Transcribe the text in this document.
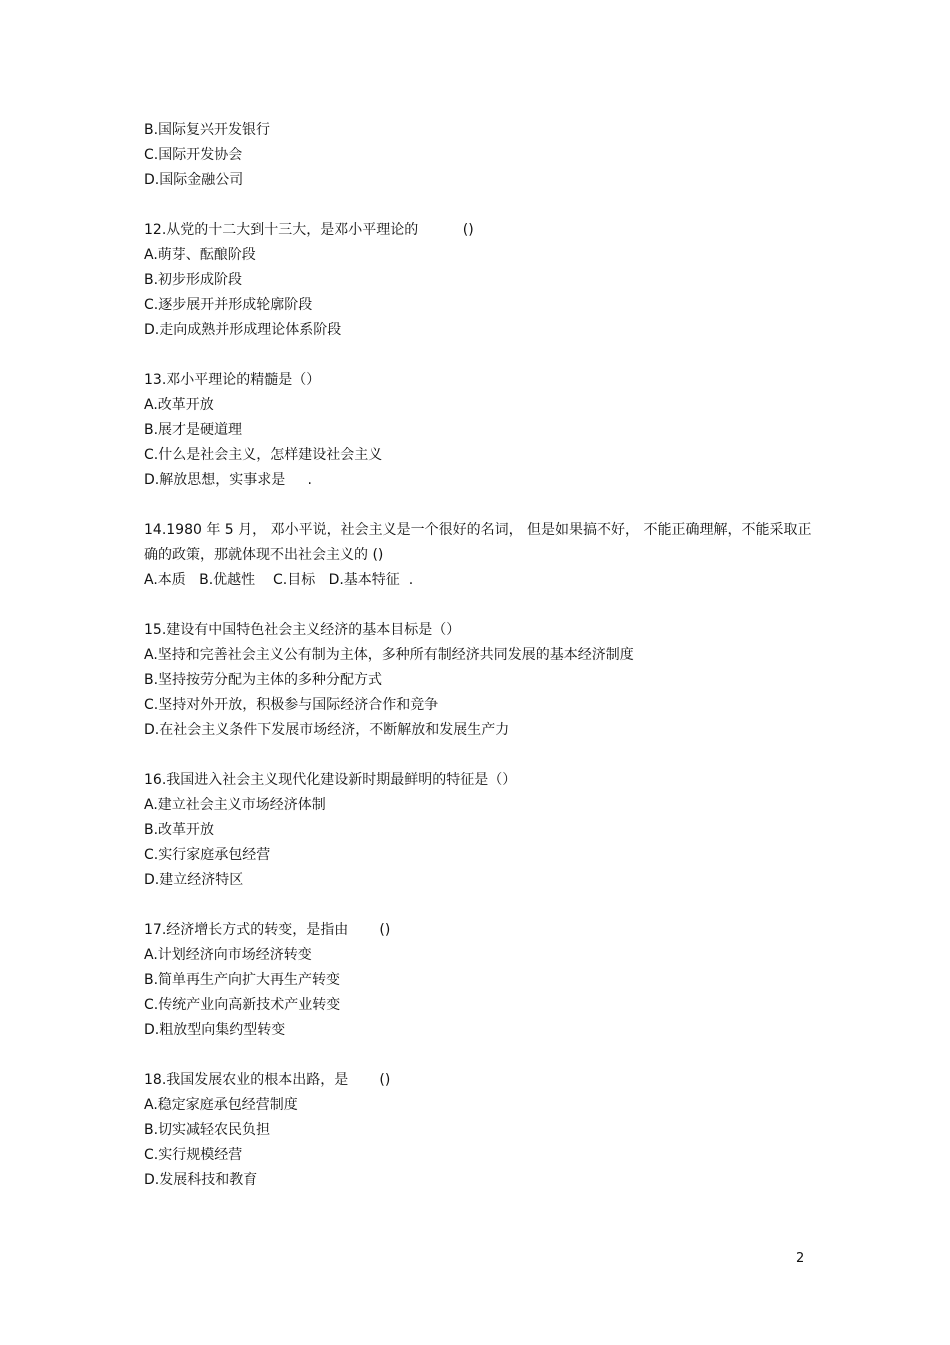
B.国际复兴开发银行
C.国际开发协会
D.国际金融公司
12.从党的十二大到十三大，是邓小平理论的          ()
A.萌芽、酝酿阶段
B.初步形成阶段
C.逐步展开并形成轮廓阶段
D.走向成熟并形成理论体系阶段
13.邓小平理论的精髓是（）
A.改革开放
B.展才是硬道理
C.什么是社会主义，怎样建设社会主义
D.解放思想，实事求是     .
14.1980 年 5 月， 邓小平说，社会主义是一个很好的名词， 但是如果搞不好， 不能正确理解，不能采取正确的政策，那就体现不出社会主义的 ()
A.本质   B.优越性    C.目标   D.基本特征  .
15.建设有中国特色社会主义经济的基本目标是（）
A.坚持和完善社会主义公有制为主体，多种所有制经济共同发展的基本经济制度
B.坚持按劳分配为主体的多种分配方式
C.坚持对外开放，积极参与国际经济合作和竞争
D.在社会主义条件下发展市场经济，不断解放和发展生产力
16.我国进入社会主义现代化建设新时期最鲜明的特征是（）
A.建立社会主义市场经济体制
B.改革开放
C.实行家庭承包经营
D.建立经济特区
17.经济增长方式的转变，是指由       ()
A.计划经济向市场经济转变
B.简单再生产向扩大再生产转变
C.传统产业向高新技术产业转变
D.粗放型向集约型转变
18.我国发展农业的根本出路，是       ()
A.稳定家庭承包经营制度
B.切实减轻农民负担
C.实行规模经营
D.发展科技和教育
2
